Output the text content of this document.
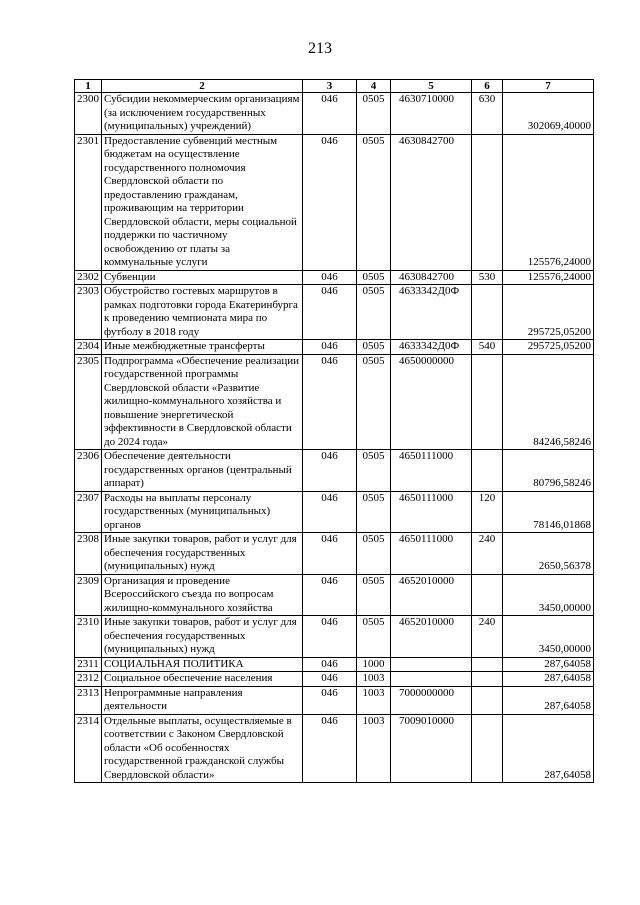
213
1	2	3	4	5	6	7
2300	Субсидии некоммерческим организациям (за исключением государственных (муниципальных) учреждений)	046	0505	4630710000	630	302069,40000
2301	Предоставление субвенций местным бюджетам на осуществление государственного полномочия Свердловской области по предоставлению гражданам, проживающим на территории Свердловской области, меры социальной поддержки по частичному освобождению от платы за коммунальные услуги	046	0505	4630842700		125576,24000
2302	Субвенции	046	0505	4630842700	530	125576,24000
2303	Обустройство гостевых маршрутов в рамках подготовки города Екатеринбурга к проведению чемпионата мира по футболу в 2018 году	046	0505	4633342Д0Ф		295725,05200
2304	Иные межбюджетные трансферты	046	0505	4633342Д0Ф	540	295725,05200
2305	Подпрограмма «Обеспечение реализации государственной программы Свердловской области «Развитие жилищно-коммунального хозяйства и повышение энергетической эффективности в Свердловской области до 2024 года»	046	0505	4650000000		84246,58246
2306	Обеспечение деятельности государственных органов (центральный аппарат)	046	0505	4650111000		80796,58246
2307	Расходы на выплаты персоналу государственных (муниципальных) органов	046	0505	4650111000	120	78146,01868
2308	Иные закупки товаров, работ и услуг для обеспечения государственных (муниципальных) нужд	046	0505	4650111000	240	2650,56378
2309	Организация и проведение Всероссийского съезда по вопросам жилищно-коммунального хозяйства	046	0505	4652010000		3450,00000
2310	Иные закупки товаров, работ и услуг для обеспечения государственных (муниципальных) нужд	046	0505	4652010000	240	3450,00000
2311	СОЦИАЛЬНАЯ ПОЛИТИКА	046	1000			287,64058
2312	Социальное обеспечение населения	046	1003			287,64058
2313	Непрограммные направления деятельности	046	1003	7000000000		287,64058
2314	Отдельные выплаты, осуществляемые в соответствии с Законом Свердловской области «Об особенностях государственной гражданской службы Свердловской области»	046	1003	7009010000		287,64058
